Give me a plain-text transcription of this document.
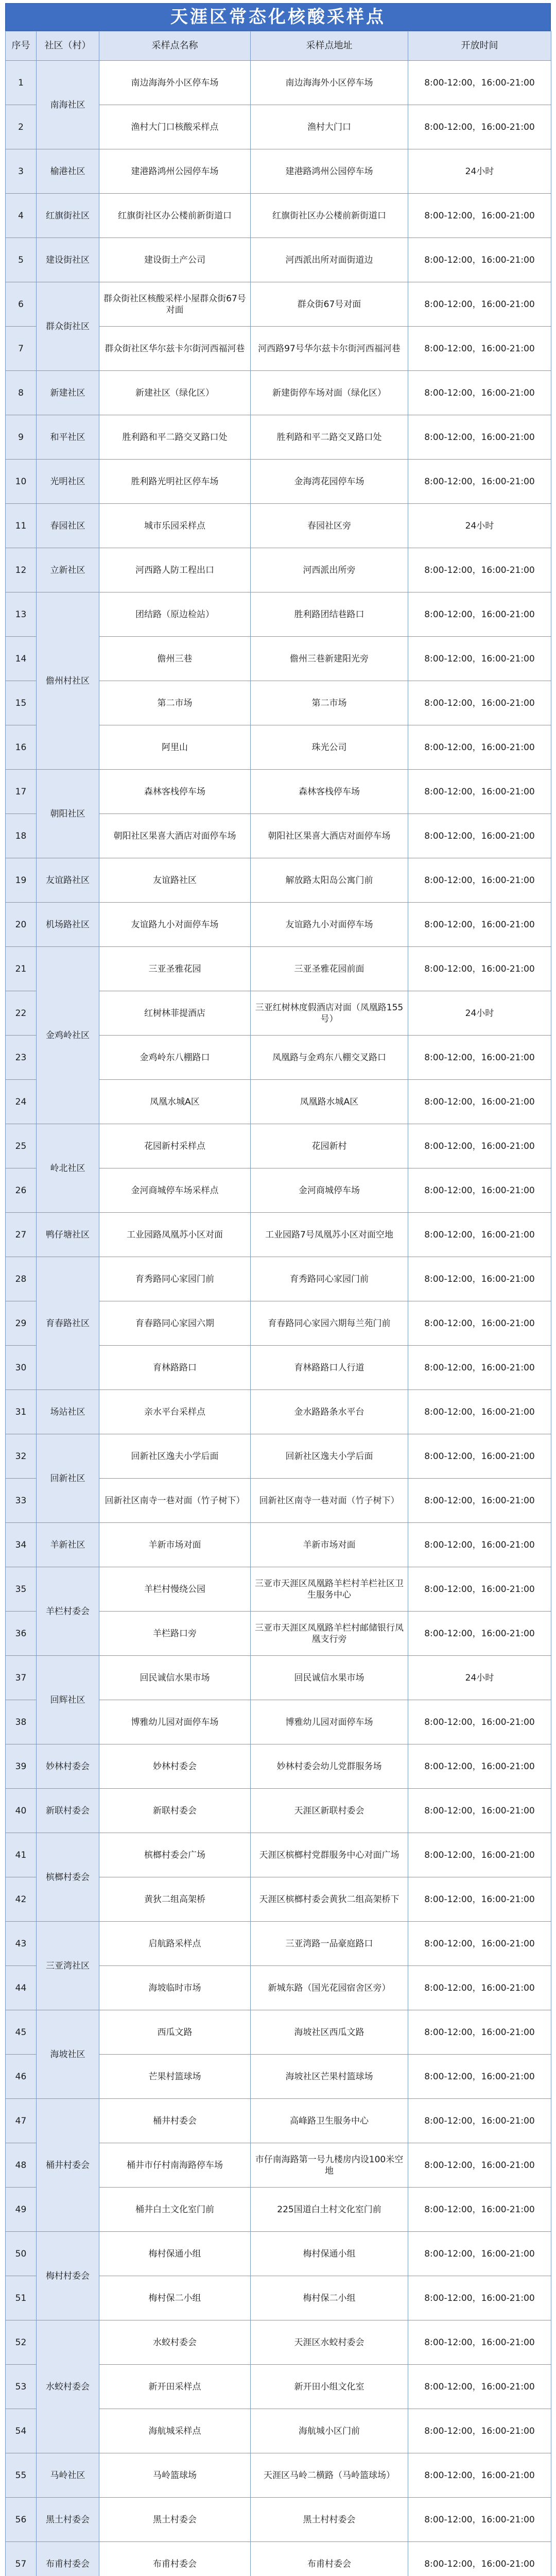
天涯区常态化核酸采样点
序号	社区（村）	采样点名称	采样点地址	开放时间
1	南海社区	南边海海外小区停车场	南边海海外小区停车场	8:00-12:00，16:00-21:00
2		渔村大门口核酸采样点	渔村大门口	8:00-12:00，16:00-21:00
3	榆港社区	建港路鸿州公园停车场	建港路鸿州公园停车场	24小时
4	红旗街社区	红旗街社区办公楼前新街道口	红旗街社区办公楼前新街道口	8:00-12:00，16:00-21:00
5	建设街社区	建设街土产公司	河西派出所对面街道边	8:00-12:00，16:00-21:00
6	群众街社区	群众街社区核酸采样小屋群众街67号对面	群众街67号对面	8:00-12:00，16:00-21:00
7		群众街社区华尔兹卡尔街河西福河巷	河西路97号华尔兹卡尔街河西福河巷	8:00-12:00，16:00-21:00
8	新建社区	新建社区（绿化区）	新建街停车场对面（绿化区）	8:00-12:00，16:00-21:00
9	和平社区	胜利路和平二路交叉路口处	胜利路和平二路交叉路口处	8:00-12:00，16:00-21:00
10	光明社区	胜利路光明社区停车场	金海湾花园停车场	8:00-12:00，16:00-21:00
11	春园社区	城市乐园采样点	春园社区旁	24小时
12	立新社区	河西路人防工程出口	河西派出所旁	8:00-12:00，16:00-21:00
13	儋州村社区	团结路（原边检站）	胜利路团结巷路口	8:00-12:00，16:00-21:00
14		儋州三巷	儋州三巷新建阳光旁	8:00-12:00，16:00-21:00
15		第二市场	第二市场	8:00-12:00，16:00-21:00
16		阿里山	珠光公司	8:00-12:00，16:00-21:00
17	朝阳社区	森林客栈停车场	森林客栈停车场	8:00-12:00，16:00-21:00
18		朝阳社区果喜大酒店对面停车场	朝阳社区果喜大酒店对面停车场	8:00-12:00，16:00-21:00
19	友谊路社区	友谊路社区	解放路太阳岛公寓门前	8:00-12:00，16:00-21:00
20	机场路社区	友谊路九小对面停车场	友谊路九小对面停车场	8:00-12:00，16:00-21:00
21	金鸡岭社区	三亚圣雅花园	三亚圣雅花园前面	8:00-12:00，16:00-21:00
22		红树林菲提酒店	三亚红树林度假酒店对面（凤凰路155号）	24小时
23		金鸡岭东八棚路口	凤凰路与金鸡东八棚交叉路口	8:00-12:00，16:00-21:00
24		凤凰水城A区	凤凰路水城A区	8:00-12:00，16:00-21:00
25	岭北社区	花园新村采样点	花园新村	8:00-12:00，16:00-21:00
26		金河商城停车场采样点	金河商城停车场	8:00-12:00，16:00-21:00
27	鸭仔塘社区	工业园路凤凰苏小区对面	工业园路7号凤凰苏小区对面空地	8:00-12:00，16:00-21:00
28	育春路社区	育秀路同心家园门前	育秀路同心家园门前	8:00-12:00，16:00-21:00
29		育春路同心家园六期	育春路同心家园六期每兰苑门前	8:00-12:00，16:00-21:00
30		育林路路口	育林路路口人行道	8:00-12:00，16:00-21:00
31	场站社区	亲水平台采样点	金水路路条水平台	8:00-12:00，16:00-21:00
32	回新社区	回新社区逸夫小学后面	回新社区逸夫小学后面	8:00-12:00，16:00-21:00
33		回新社区南寺一巷对面（竹子树下）	回新社区南寺一巷对面（竹子树下）	8:00-12:00，16:00-21:00
34	羊新社区	羊新市场对面	羊新市场对面	8:00-12:00，16:00-21:00
35	羊栏村委会	羊栏村慢绕公园	三亚市天涯区凤凰路羊栏村羊栏社区卫生服务中心	8:00-12:00，16:00-21:00
36		羊栏路口旁	三亚市天涯区凤凰路羊栏村邮储银行凤凰支行旁	8:00-12:00，16:00-21:00
37	回辉社区	回民诚信水果市场	回民诚信水果市场	24小时
38		博雅幼儿园对面停车场	博雅幼儿园对面停车场	8:00-12:00，16:00-21:00
39	妙林村委会	妙林村委会	妙林村委会幼儿党群服务场	8:00-12:00，16:00-21:00
40	新联村委会	新联村委会	天涯区新联村委会	8:00-12:00，16:00-21:00
41	槟榔村委会	槟榔村委会广场	天涯区槟榔村党群服务中心对面广场	8:00-12:00，16:00-21:00
42		黄狄二组高架桥	天涯区槟榔村委会黄狄二组高架桥下	8:00-12:00，16:00-21:00
43	三亚湾社区	启航路采样点	三亚湾路一品豪庭路口	8:00-12:00，16:00-21:00
44		海坡临时市场	新城东路（国光花园宿舍区旁）	8:00-12:00，16:00-21:00
45	海坡社区	西瓜文路	海坡社区西瓜文路	8:00-12:00，16:00-21:00
46		芒果村篮球场	海坡社区芒果村篮球场	8:00-12:00，16:00-21:00
47	桶井村委会	桶井村委会	高峰路卫生服务中心	8:00-12:00，16:00-21:00
48		桶井市仔村南海路停车场	市仔南海路第一号九楼房内设100米空地	8:00-12:00，16:00-21:00
49		桶井白土文化室门前	225国道白土村文化室门前	8:00-12:00，16:00-21:00
50	梅村村委会	梅村保通小组	梅村保通小组	8:00-12:00，16:00-21:00
51		梅村保二小组	梅村保二小组	8:00-12:00，16:00-21:00
52	水蛟村委会	水蛟村委会	天涯区水蛟村委会	8:00-12:00，16:00-21:00
53		新开田采样点	新开田小组文化室	8:00-12:00，16:00-21:00
54		海航城采样点	海航城小区门前	8:00-12:00，16:00-21:00
55	马岭社区	马岭篮球场	天涯区马岭二横路（马岭篮球场）	8:00-12:00，16:00-21:00
56	黑土村委会	黑土村委会	黑土村村委会	8:00-12:00，16:00-21:00
57	布甫村委会	布甫村委会	布甫村委会	8:00-12:00，16:00-21:00
